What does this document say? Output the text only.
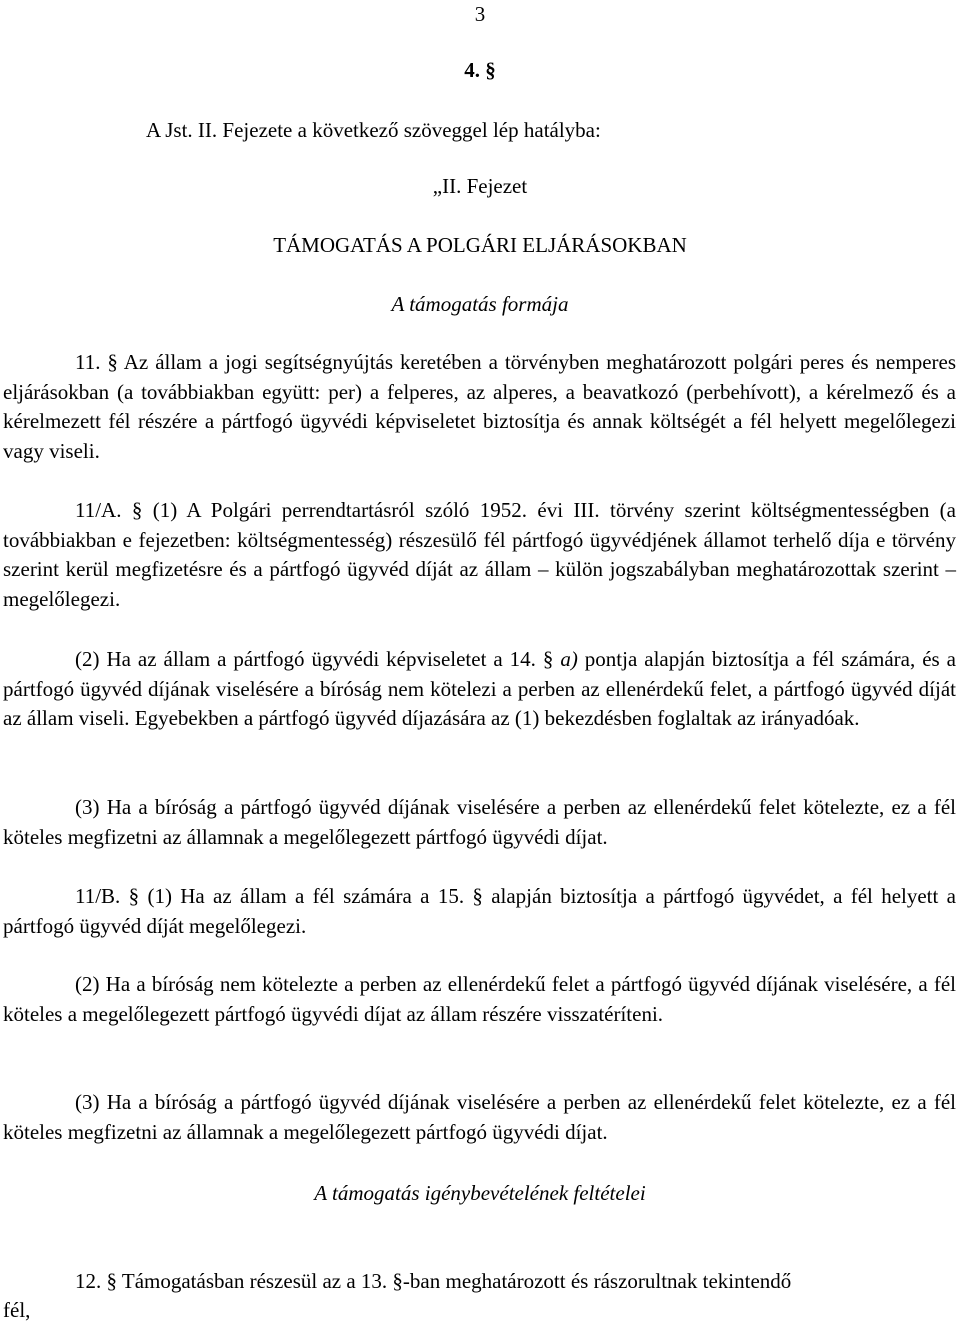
3
4. §
A Jst. II. Fejezete a következő szöveggel lép hatályba:
„II. Fejezet
TÁMOGATÁS A POLGÁRI ELJÁRÁSOKBAN
A támogatás formája

11. § Az állam a jogi segítségnyújtás keretében a törvényben meghatározott polgári peres és nemperes eljárásokban (a továbbiakban együtt: per) a felperes, az alperes, a beavatkozó (perbehívott), a kérelmező és a kérelmezett fél részére a pártfogó ügyvédi képviseletet biztosítja és annak költségét a fél helyett megelőlegezi vagy viseli.

11/A. § (1) A Polgári perrendtartásról szóló 1952. évi III. törvény szerint költségmentességben (a továbbiakban e fejezetben: költségmentesség) részesülő fél pártfogó ügyvédjének államot terhelő díja e törvény szerint kerül megfizetésre és a pártfogó ügyvéd díját az állam – külön jogszabályban meghatározottak szerint – megelőlegezi.

(2) Ha az állam a pártfogó ügyvédi képviseletet a 14. § a) pontja alapján biztosítja a fél számára, és a pártfogó ügyvéd díjának viselésére a bíróság nem kötelezi a perben az ellenérdekű felet, a pártfogó ügyvéd díját az állam viseli. Egyebekben a pártfogó ügyvéd díjazására az (1) bekezdésben foglaltak az irányadóak.

(3) Ha a bíróság a pártfogó ügyvéd díjának viselésére a perben az ellenérdekű felet kötelezte, ez a fél köteles megfizetni az államnak a megelőlegezett pártfogó ügyvédi díjat.

11/B. § (1) Ha az állam a fél számára a 15. § alapján biztosítja a pártfogó ügyvédet, a fél helyett a pártfogó ügyvéd díját megelőlegezi.

(2) Ha a bíróság nem kötelezte a perben az ellenérdekű felet a pártfogó ügyvéd díjának viselésére, a fél köteles a megelőlegezett pártfogó ügyvédi díjat az állam részére visszatéríteni.

(3) Ha a bíróság a pártfogó ügyvéd díjának viselésére a perben az ellenérdekű felet kötelezte, ez a fél köteles megfizetni az államnak a megelőlegezett pártfogó ügyvédi díjat.

A támogatás igénybevételének feltételei
12. § Támogatásban részesül az a 13. §-ban meghatározott és rászorultnak tekintendő
fél,
